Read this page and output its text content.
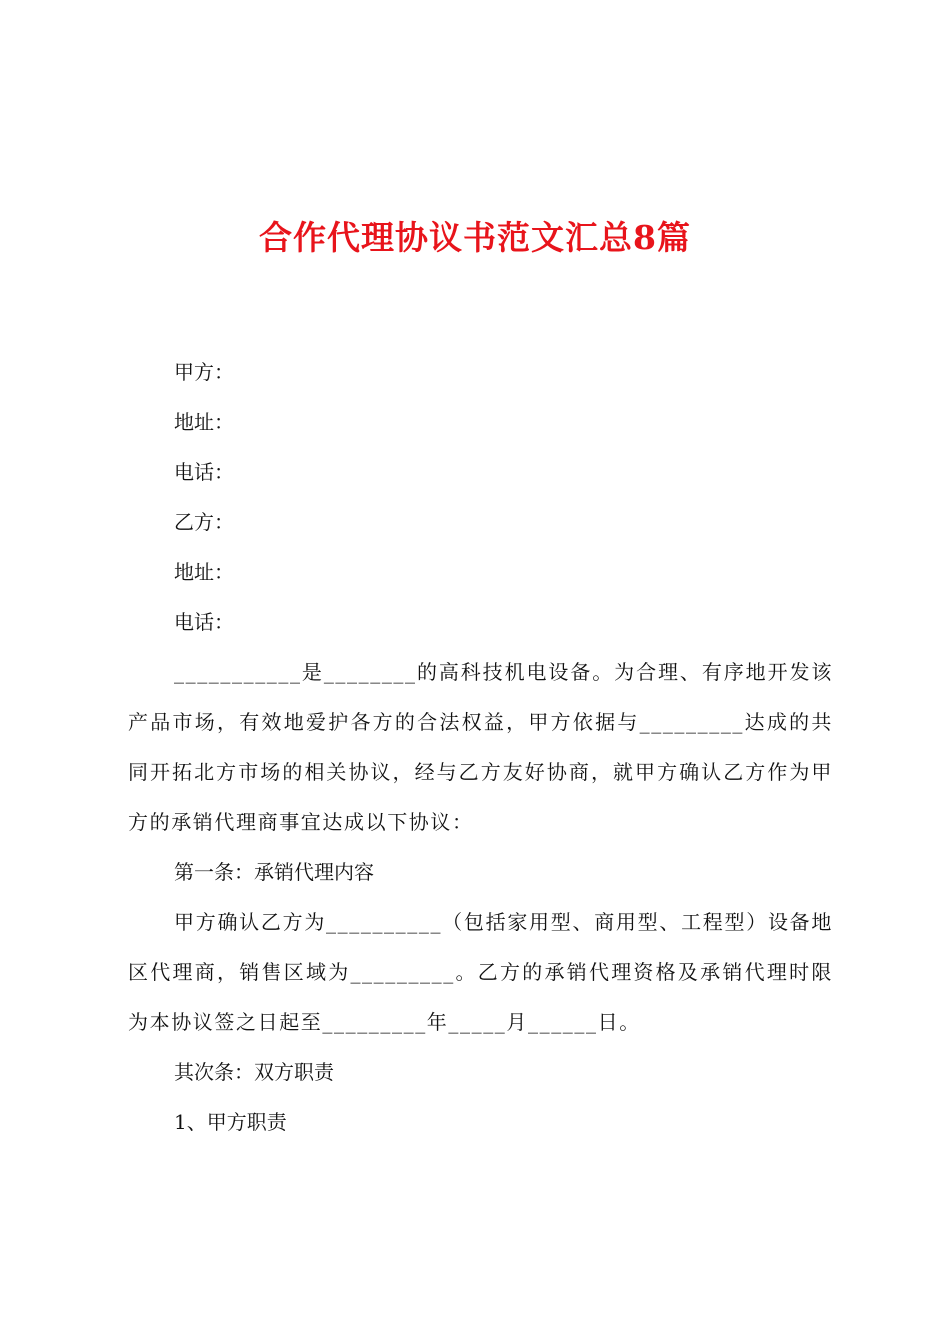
合作代理协议书范文汇总8篇

甲方：

地址：

电话：

乙方：

地址：

电话：

___________是________的高科技机电设备。为合理、有序地开发该产品市场，有效地爱护各方的合法权益，甲方依据与_________达成的共同开拓北方市场的相关协议，经与乙方友好协商，就甲方确认乙方作为甲方的承销代理商事宜达成以下协议：

第一条：承销代理内容

甲方确认乙方为__________（包括家用型、商用型、工程型）设备地区代理商，销售区域为_________。乙方的承销代理资格及承销代理时限为本协议签之日起至_________年_____月______日。

其次条：双方职责

1、甲方职责
